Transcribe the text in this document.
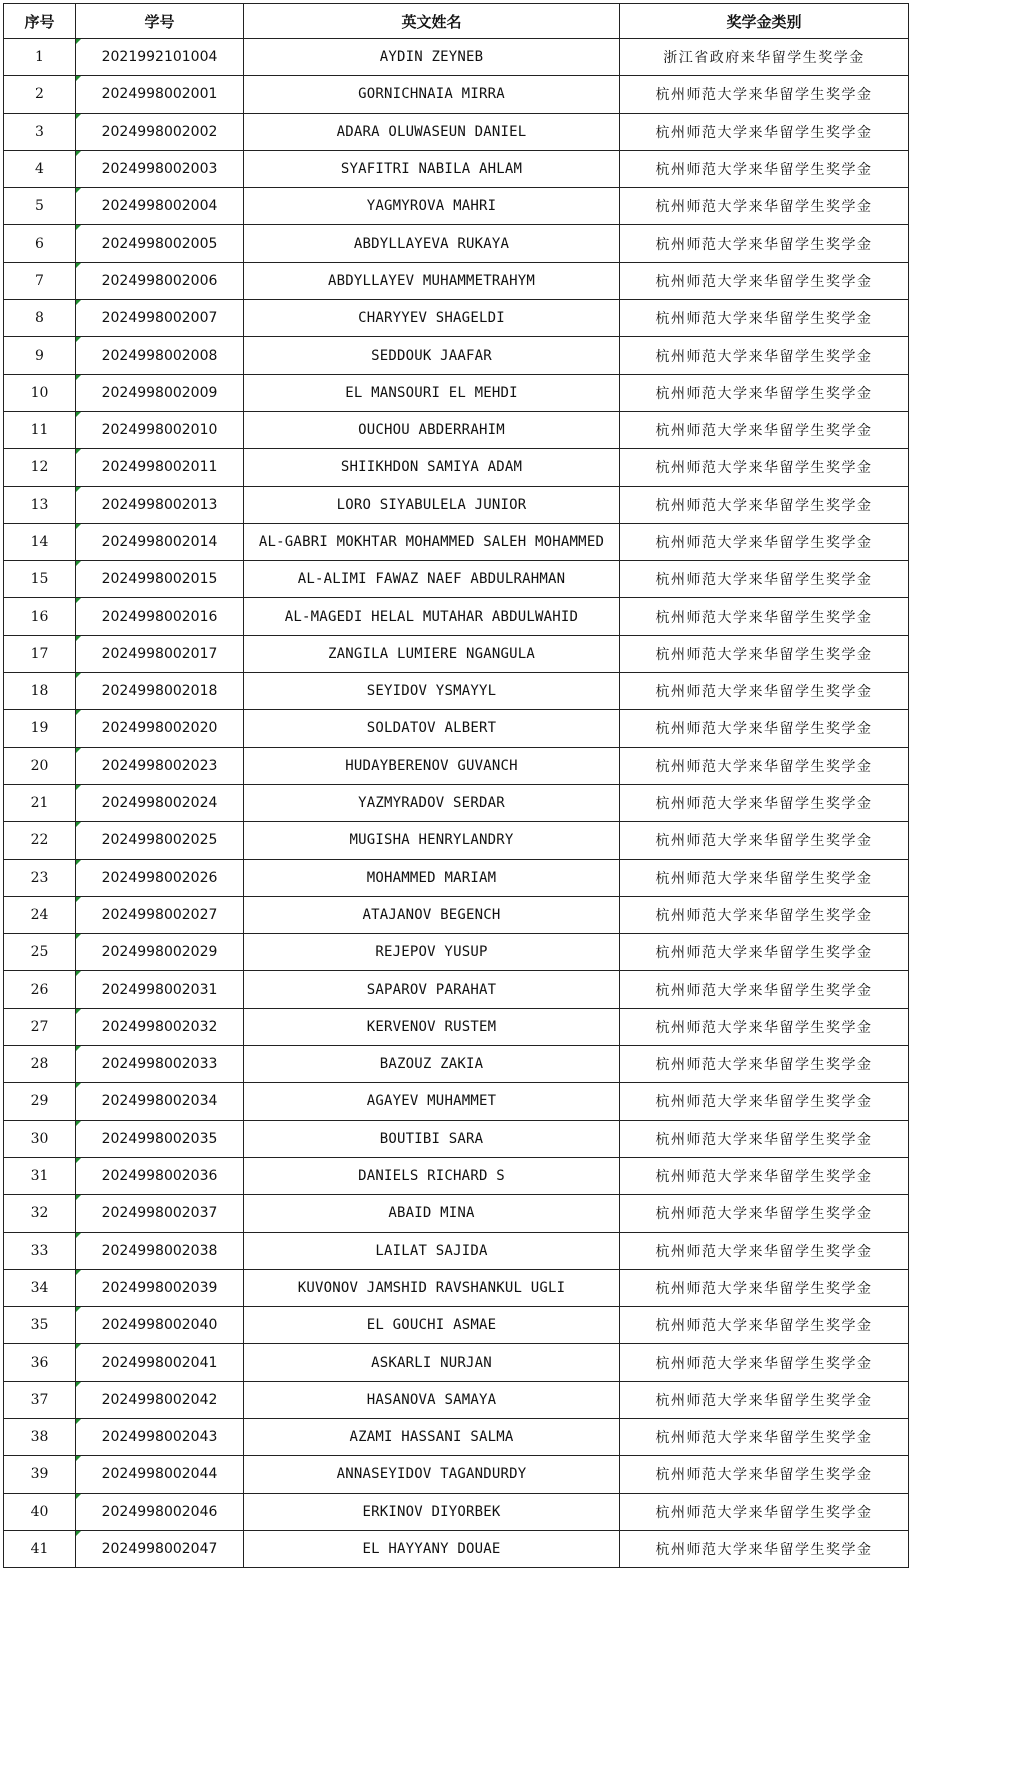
序号	学号	英文姓名	奖学金类别
1	2021992101004	AYDIN ZEYNEB	浙江省政府来华留学生奖学金
2	2024998002001	GORNICHNAIA MIRRA	杭州师范大学来华留学生奖学金
3	2024998002002	ADARA OLUWASEUN DANIEL	杭州师范大学来华留学生奖学金
4	2024998002003	SYAFITRI NABILA AHLAM	杭州师范大学来华留学生奖学金
5	2024998002004	YAGMYROVA MAHRI	杭州师范大学来华留学生奖学金
6	2024998002005	ABDYLLAYEVA RUKAYA	杭州师范大学来华留学生奖学金
7	2024998002006	ABDYLLAYEV MUHAMMETRAHYM	杭州师范大学来华留学生奖学金
8	2024998002007	CHARYYEV SHAGELDI	杭州师范大学来华留学生奖学金
9	2024998002008	SEDDOUK JAAFAR	杭州师范大学来华留学生奖学金
10	2024998002009	EL MANSOURI EL MEHDI	杭州师范大学来华留学生奖学金
11	2024998002010	OUCHOU ABDERRAHIM	杭州师范大学来华留学生奖学金
12	2024998002011	SHIIKHDON SAMIYA ADAM	杭州师范大学来华留学生奖学金
13	2024998002013	LORO SIYABULELA JUNIOR	杭州师范大学来华留学生奖学金
14	2024998002014	AL-GABRI MOKHTAR MOHAMMED SALEH MOHAMMED	杭州师范大学来华留学生奖学金
15	2024998002015	AL-ALIMI FAWAZ NAEF ABDULRAHMAN	杭州师范大学来华留学生奖学金
16	2024998002016	AL-MAGEDI HELAL MUTAHAR ABDULWAHID	杭州师范大学来华留学生奖学金
17	2024998002017	ZANGILA LUMIERE NGANGULA	杭州师范大学来华留学生奖学金
18	2024998002018	SEYIDOV YSMAYYL	杭州师范大学来华留学生奖学金
19	2024998002020	SOLDATOV ALBERT	杭州师范大学来华留学生奖学金
20	2024998002023	HUDAYBERENOV GUVANCH	杭州师范大学来华留学生奖学金
21	2024998002024	YAZMYRADOV SERDAR	杭州师范大学来华留学生奖学金
22	2024998002025	MUGISHA HENRYLANDRY	杭州师范大学来华留学生奖学金
23	2024998002026	MOHAMMED MARIAM	杭州师范大学来华留学生奖学金
24	2024998002027	ATAJANOV BEGENCH	杭州师范大学来华留学生奖学金
25	2024998002029	REJEPOV YUSUP	杭州师范大学来华留学生奖学金
26	2024998002031	SAPAROV PARAHAT	杭州师范大学来华留学生奖学金
27	2024998002032	KERVENOV RUSTEM	杭州师范大学来华留学生奖学金
28	2024998002033	BAZOUZ ZAKIA	杭州师范大学来华留学生奖学金
29	2024998002034	AGAYEV MUHAMMET	杭州师范大学来华留学生奖学金
30	2024998002035	BOUTIBI SARA	杭州师范大学来华留学生奖学金
31	2024998002036	DANIELS RICHARD S	杭州师范大学来华留学生奖学金
32	2024998002037	ABAID MINA	杭州师范大学来华留学生奖学金
33	2024998002038	LAILAT SAJIDA	杭州师范大学来华留学生奖学金
34	2024998002039	KUVONOV JAMSHID RAVSHANKUL UGLI	杭州师范大学来华留学生奖学金
35	2024998002040	EL GOUCHI ASMAE	杭州师范大学来华留学生奖学金
36	2024998002041	ASKARLI NURJAN	杭州师范大学来华留学生奖学金
37	2024998002042	HASANOVA SAMAYA	杭州师范大学来华留学生奖学金
38	2024998002043	AZAMI HASSANI SALMA	杭州师范大学来华留学生奖学金
39	2024998002044	ANNASEYIDOV TAGANDURDY	杭州师范大学来华留学生奖学金
40	2024998002046	ERKINOV DIYORBEK	杭州师范大学来华留学生奖学金
41	2024998002047	EL HAYYANY DOUAE	杭州师范大学来华留学生奖学金
